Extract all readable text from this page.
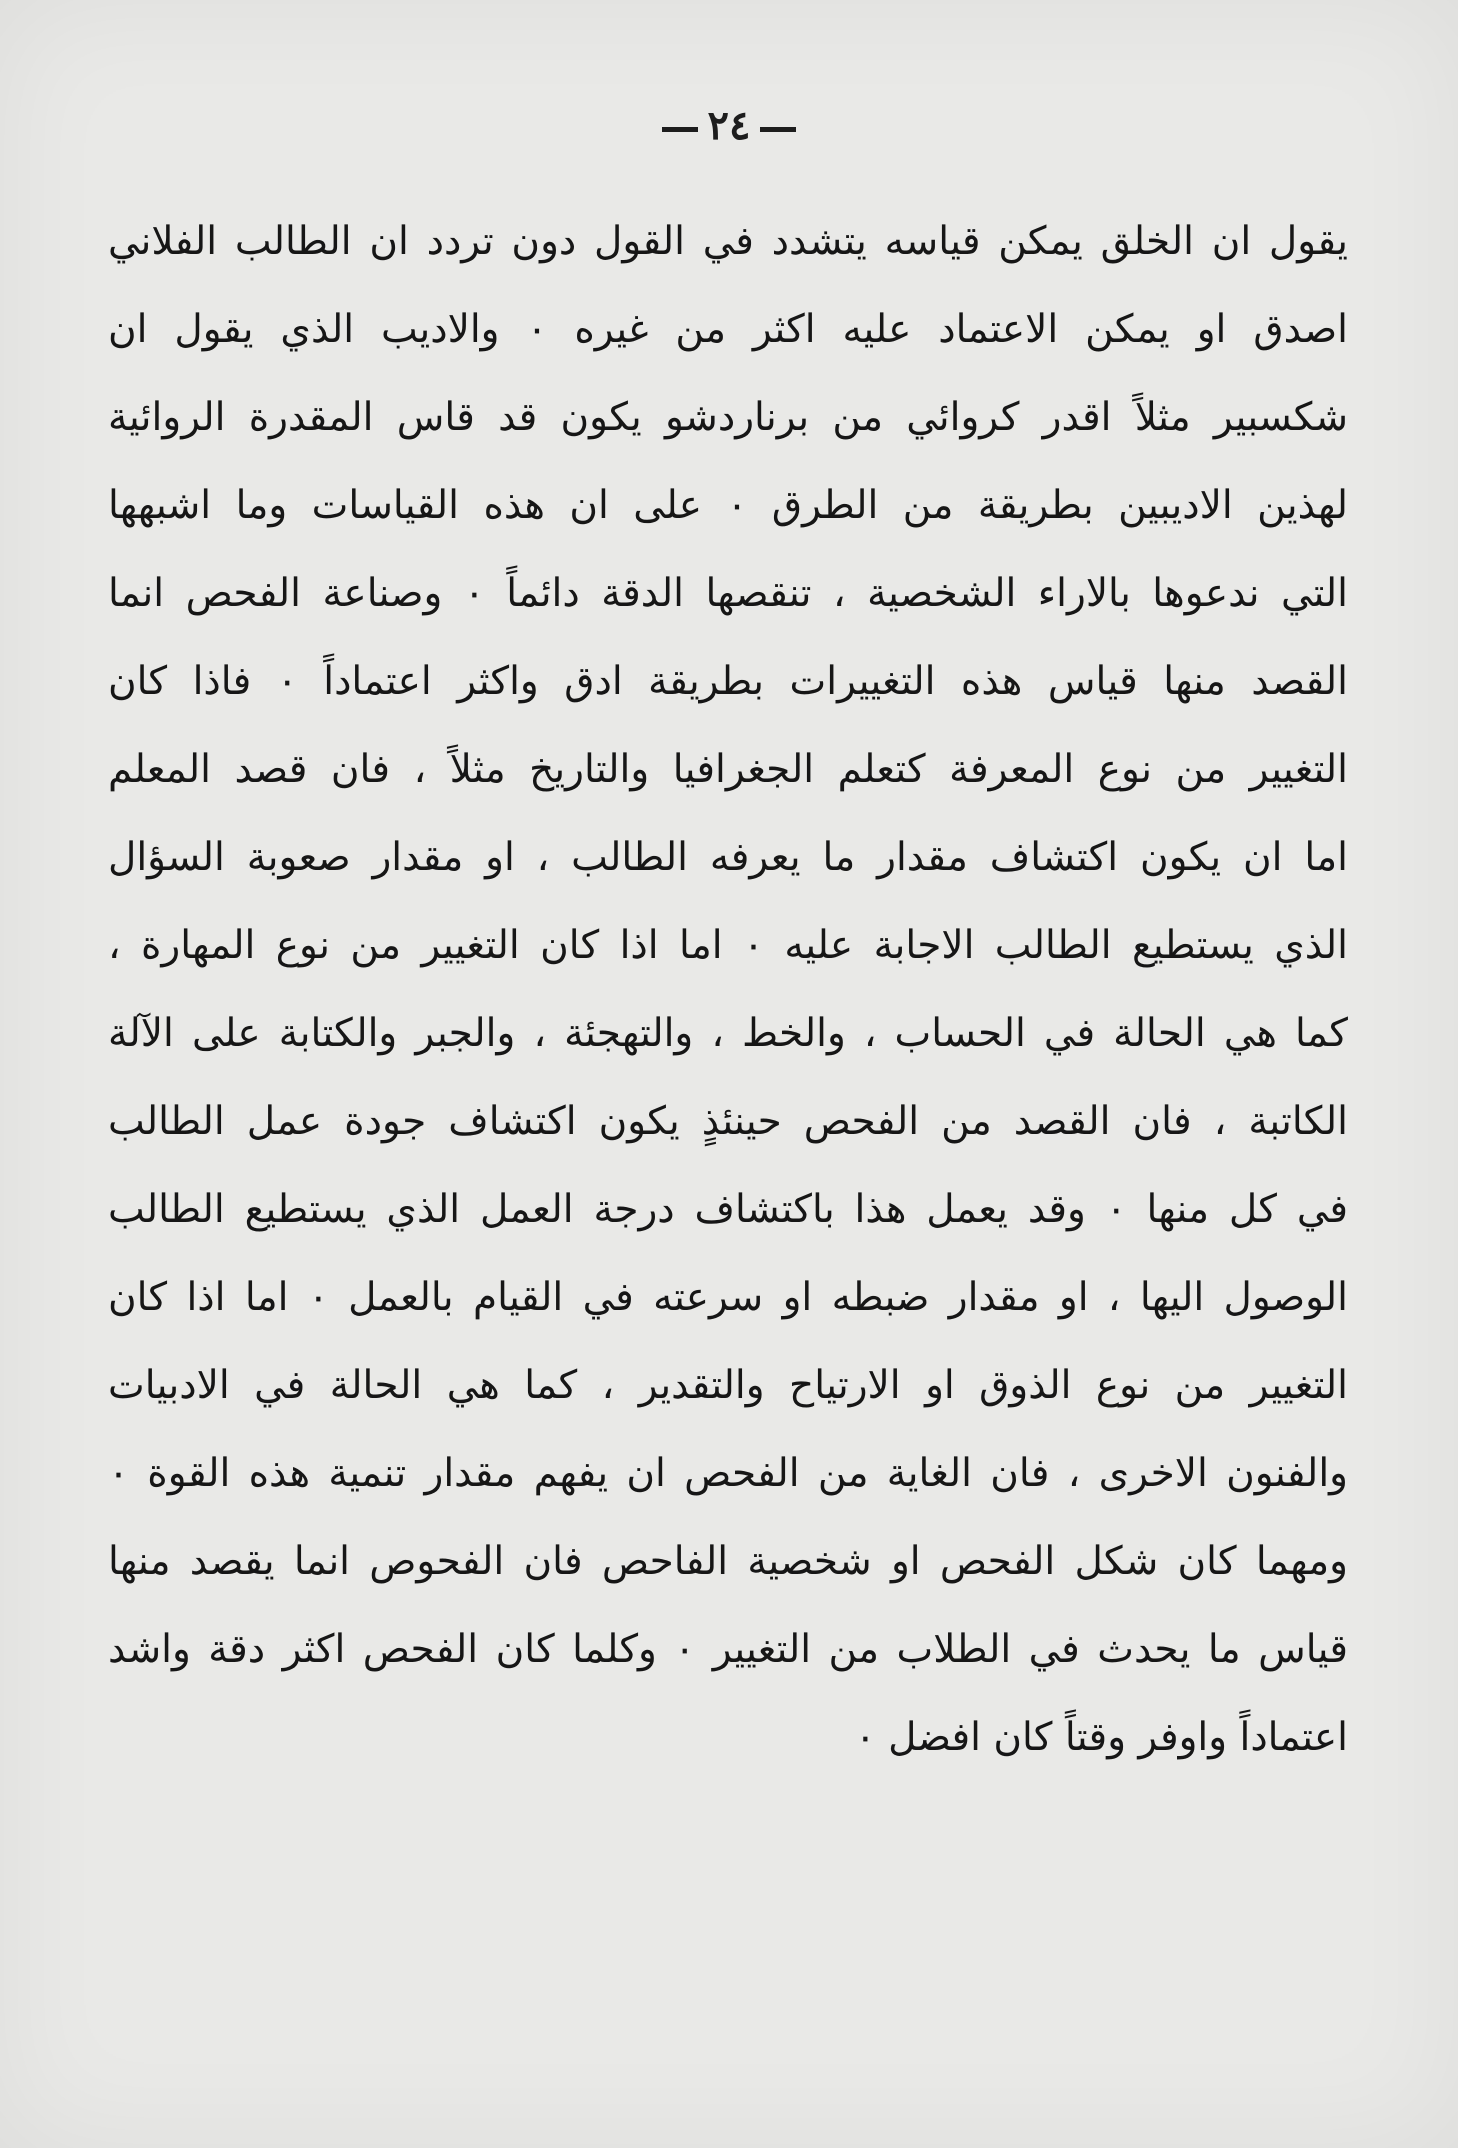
٢٤
يقول ان الخلق يمكن قياسه يتشدد في القول دون تردد ان الطالب الفلاني
اصدق او يمكن الاعتماد عليه اكثر من غيره ٠ والاديب الذي يقول ان
شكسبير مثلاً اقدر كروائي من برناردشو يكون قد قاس المقدرة الروائية
لهذين الاديبين بطريقة من الطرق ٠ على ان هذه القياسات وما اشبهها
التي ندعوها بالاراء الشخصية ، تنقصها الدقة دائماً ٠ وصناعة الفحص انما
القصد منها قياس هذه التغييرات بطريقة ادق واكثر اعتماداً ٠ فاذا كان
التغيير من نوع المعرفة كتعلم الجغرافيا والتاريخ مثلاً ، فان قصد المعلم
اما ان يكون اكتشاف مقدار ما يعرفه الطالب ، او مقدار صعوبة السؤال
الذي يستطيع الطالب الاجابة عليه ٠ اما اذا كان التغيير من نوع المهارة ،
كما هي الحالة في الحساب ، والخط ، والتهجئة ، والجبر والكتابة على الآلة
الكاتبة ، فان القصد من الفحص حينئذٍ يكون اكتشاف جودة عمل الطالب
في كل منها ٠ وقد يعمل هذا باكتشاف درجة العمل الذي يستطيع الطالب
الوصول اليها ، او مقدار ضبطه او سرعته في القيام بالعمل ٠ اما اذا كان
التغيير من نوع الذوق او الارتياح والتقدير ، كما هي الحالة في الادبيات
والفنون الاخرى ، فان الغاية من الفحص ان يفهم مقدار تنمية هذه القوة ٠
ومهما كان شكل الفحص او شخصية الفاحص فان الفحوص انما يقصد منها
قياس ما يحدث في الطلاب من التغيير ٠ وكلما كان الفحص اكثر دقة واشد
اعتماداً واوفر وقتاً كان افضل ٠
